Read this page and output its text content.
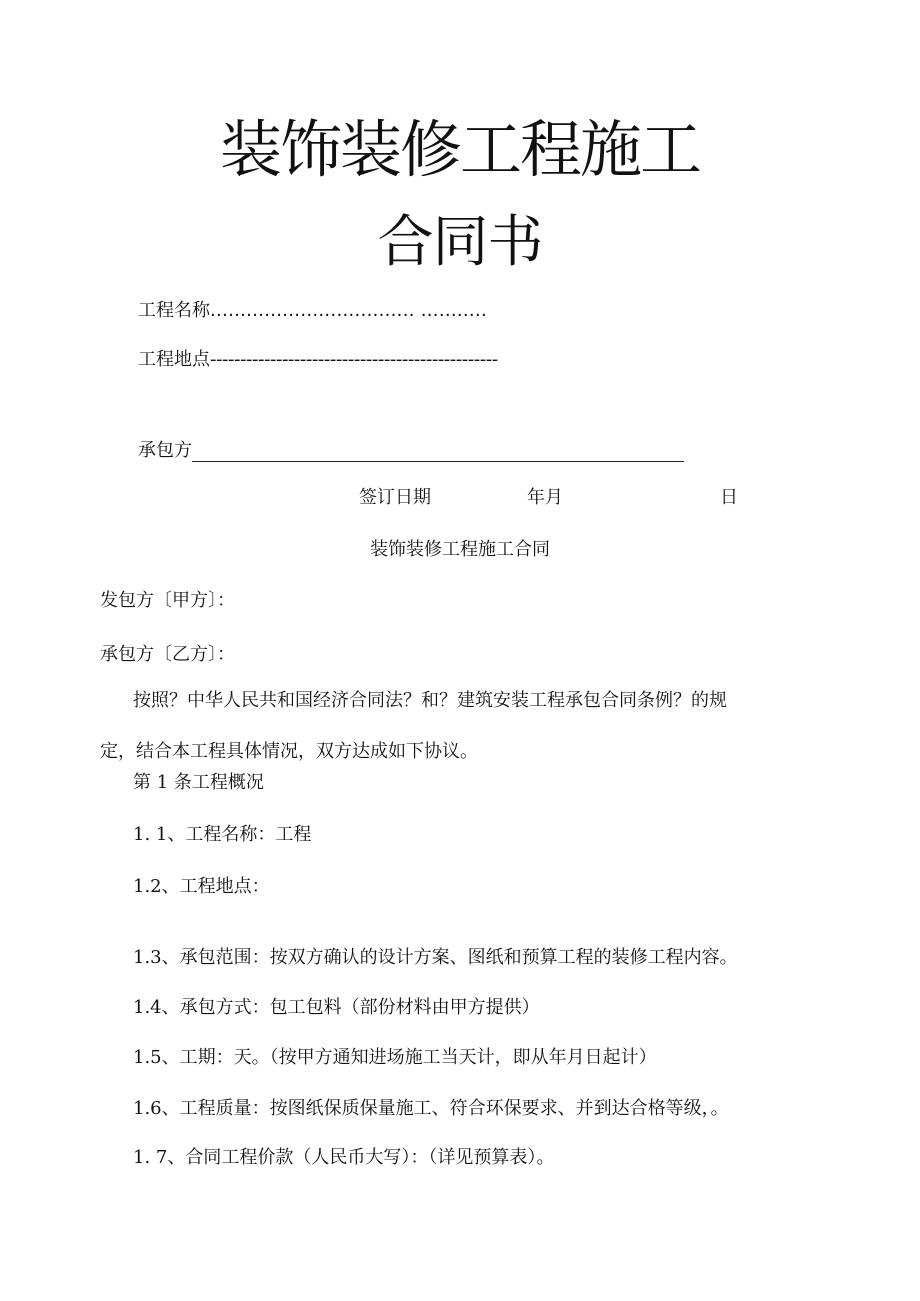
装饰装修工程施工
合同书
工程名称.................................. ...........
工程地点------------------------------------------------
承包方
签订日期	年月	日
装饰装修工程施工合同
发包方〔甲方〕：
承包方〔乙方〕：
按照？中华人民共和国经济合同法？和？建筑安装工程承包合同条例？的规
定，结合本工程具体情况，双方达成如下协议。
第 1 条工程概况
1. 1、工程名称：工程
1.2、工程地点：
1.3、承包范围：按双方确认的设计方案、图纸和预算工程的装修工程内容。
1.4、承包方式：包工包料（部份材料由甲方提供）
1.5、工期：天。（按甲方通知进场施工当天计，即从年月日起计）
1.6、工程质量：按图纸保质保量施工、符合环保要求、并到达合格等级，。
1. 7、合同工程价款（人民币大写）：（详见预算表）。
